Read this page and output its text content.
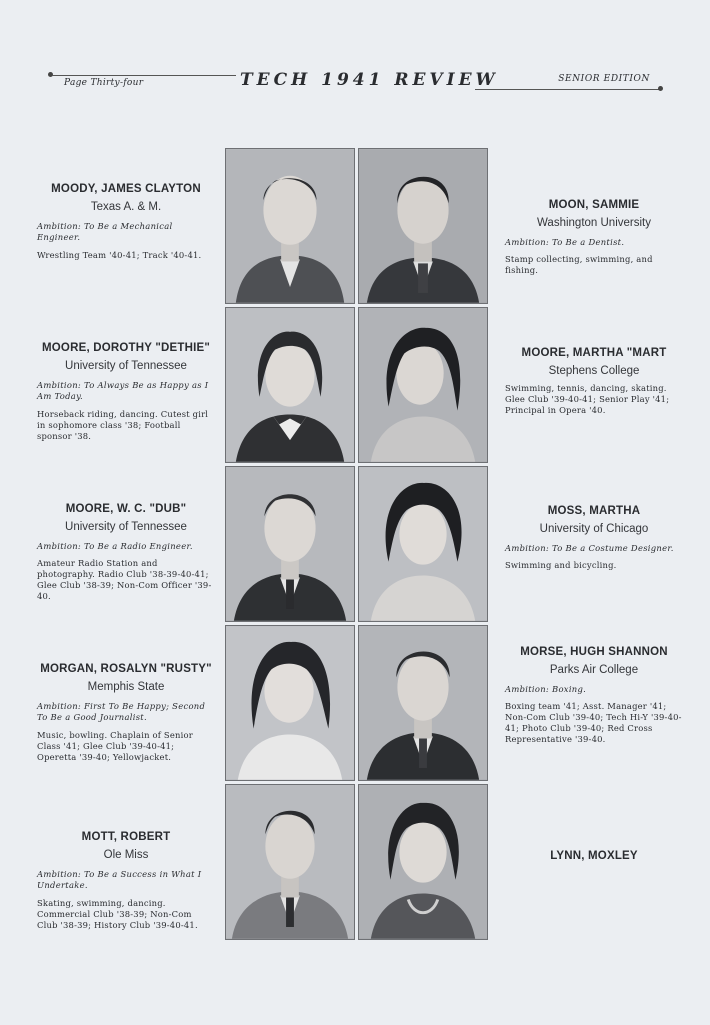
Page Thirty-four	TECH 1941 REVIEW	SENIOR EDITION
MOODY, JAMES CLAYTON
Texas A. & M.
Ambition: To Be a Mechanical Engineer.
Wrestling Team '40-41; Track '40-41.
MOORE, DOROTHY "DETHIE"
University of Tennessee
Ambition: To Always Be as Happy as I Am Today.
Horseback riding, dancing. Cutest girl in sophomore class '38; Football sponsor '38.
MOORE, W. C. "DUB"
University of Tennessee
Ambition: To Be a Radio Engineer.
Amateur Radio Station and photography. Radio Club '38-39-40-41; Glee Club '38-39; Non-Com Officer '39-40.
MORGAN, ROSALYN "RUSTY"
Memphis State
Ambition: First To Be Happy; Second To Be a Good Journalist.
Music, bowling. Chaplain of Senior Class '41; Glee Club '39-40-41; Operetta '39-40; Yellowjacket.
MOTT, ROBERT
Ole Miss
Ambition: To Be a Success in What I Undertake.
Skating, swimming, dancing. Commercial Club '38-39; Non-Com Club '38-39; History Club '39-40-41.
MOON, SAMMIE
Washington University
Ambition: To Be a Dentist.
Stamp collecting, swimming, and fishing.
MOORE, MARTHA "MART
Stephens College
Swimming, tennis, dancing, skating. Glee Club '39-40-41; Senior Play '41; Principal in Opera '40.
MOSS, MARTHA
University of Chicago
Ambition: To Be a Costume Designer.
Swimming and bicycling.
MORSE, HUGH SHANNON
Parks Air College
Ambition: Boxing.
Boxing team '41; Asst. Manager '41; Non-Com Club '39-40; Tech Hi-Y '39-40-41; Photo Club '39-40; Red Cross Representative '39-40.
LYNN, MOXLEY
